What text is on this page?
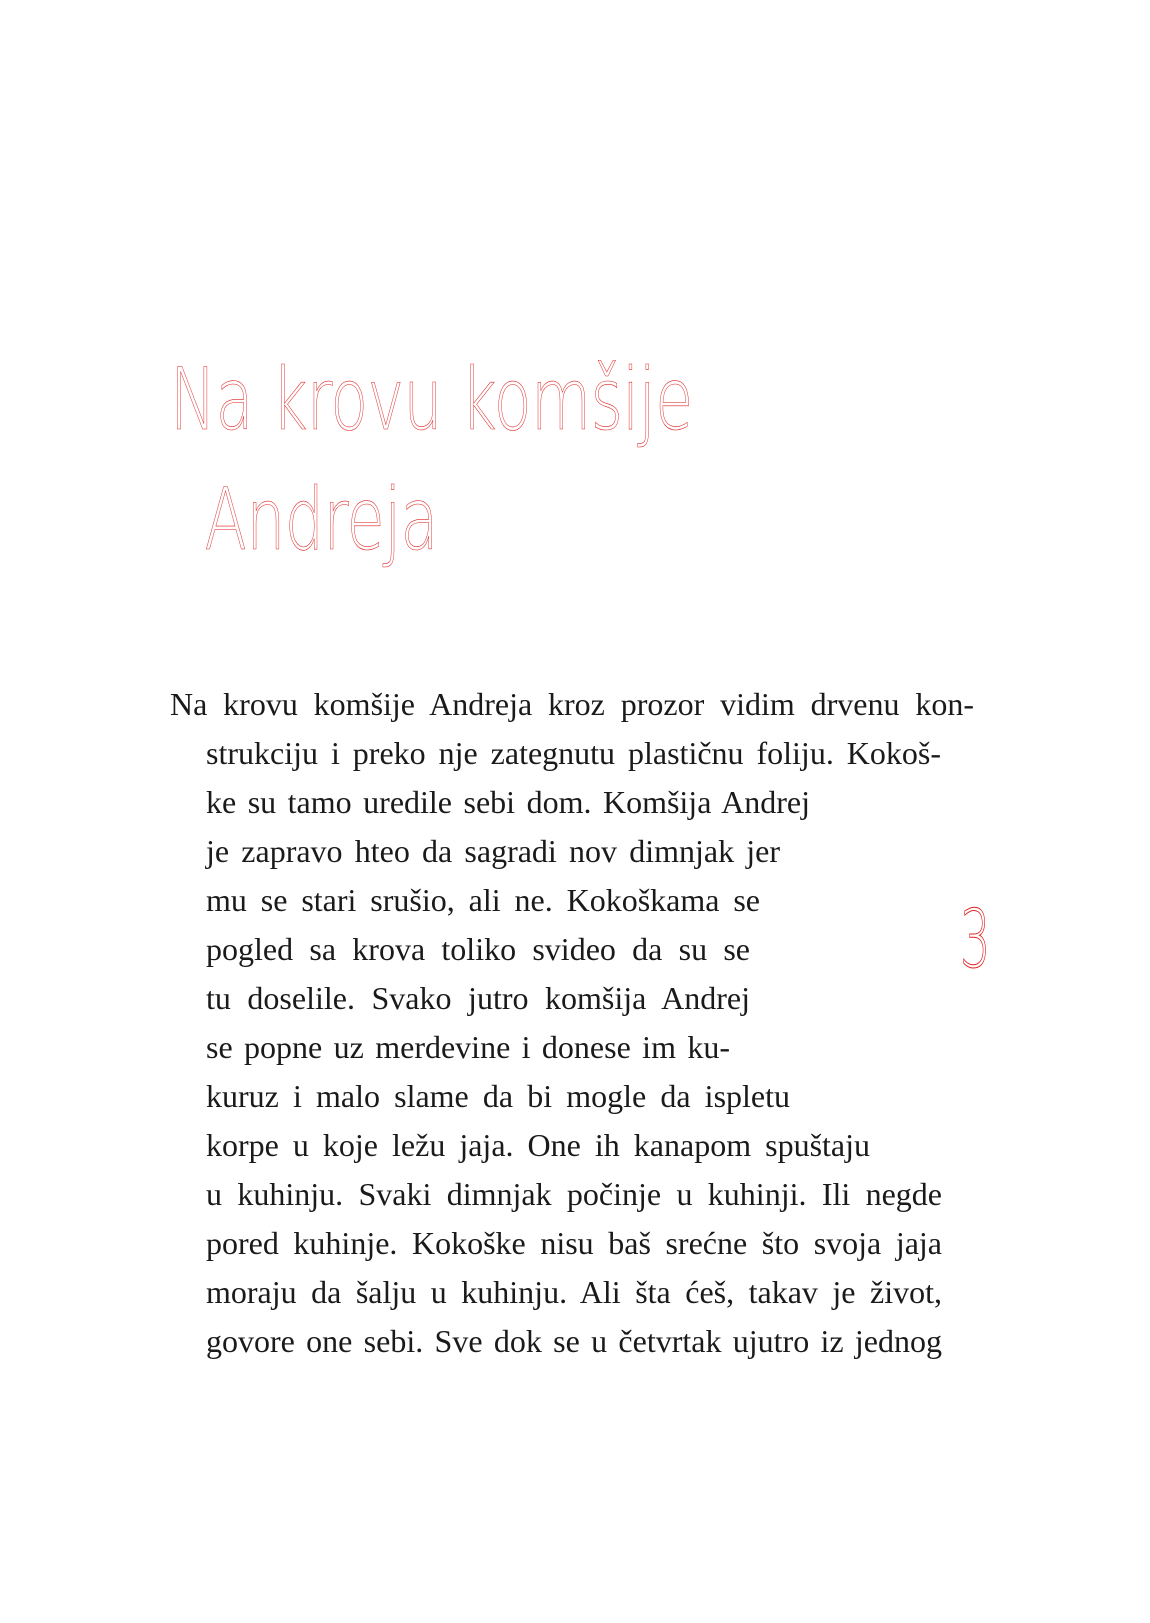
Na krovu komšije
Andreja
3
Na krovu komšije Andreja kroz prozor vidim drvenu kon-
strukciju i preko nje zategnutu plastičnu foliju. Kokoš-
ke su tamo uredile sebi dom. Komšija Andrej
je zapravo hteo da sagradi nov dimnjak jer
mu se stari srušio, ali ne. Kokoškama se
pogled sa krova toliko svideo da su se
tu doselile. Svako jutro komšija Andrej
se popne uz merdevine i donese im ku-
kuruz i malo slame da bi mogle da ispletu
korpe u koje ležu jaja. One ih kanapom spuštaju
u kuhinju. Svaki dimnjak počinje u kuhinji. Ili negde
pored kuhinje. Kokoške nisu baš srećne što svoja jaja
moraju da šalju u kuhinju. Ali šta ćeš, takav je život,
govore one sebi. Sve dok se u četvrtak ujutro iz jednog
